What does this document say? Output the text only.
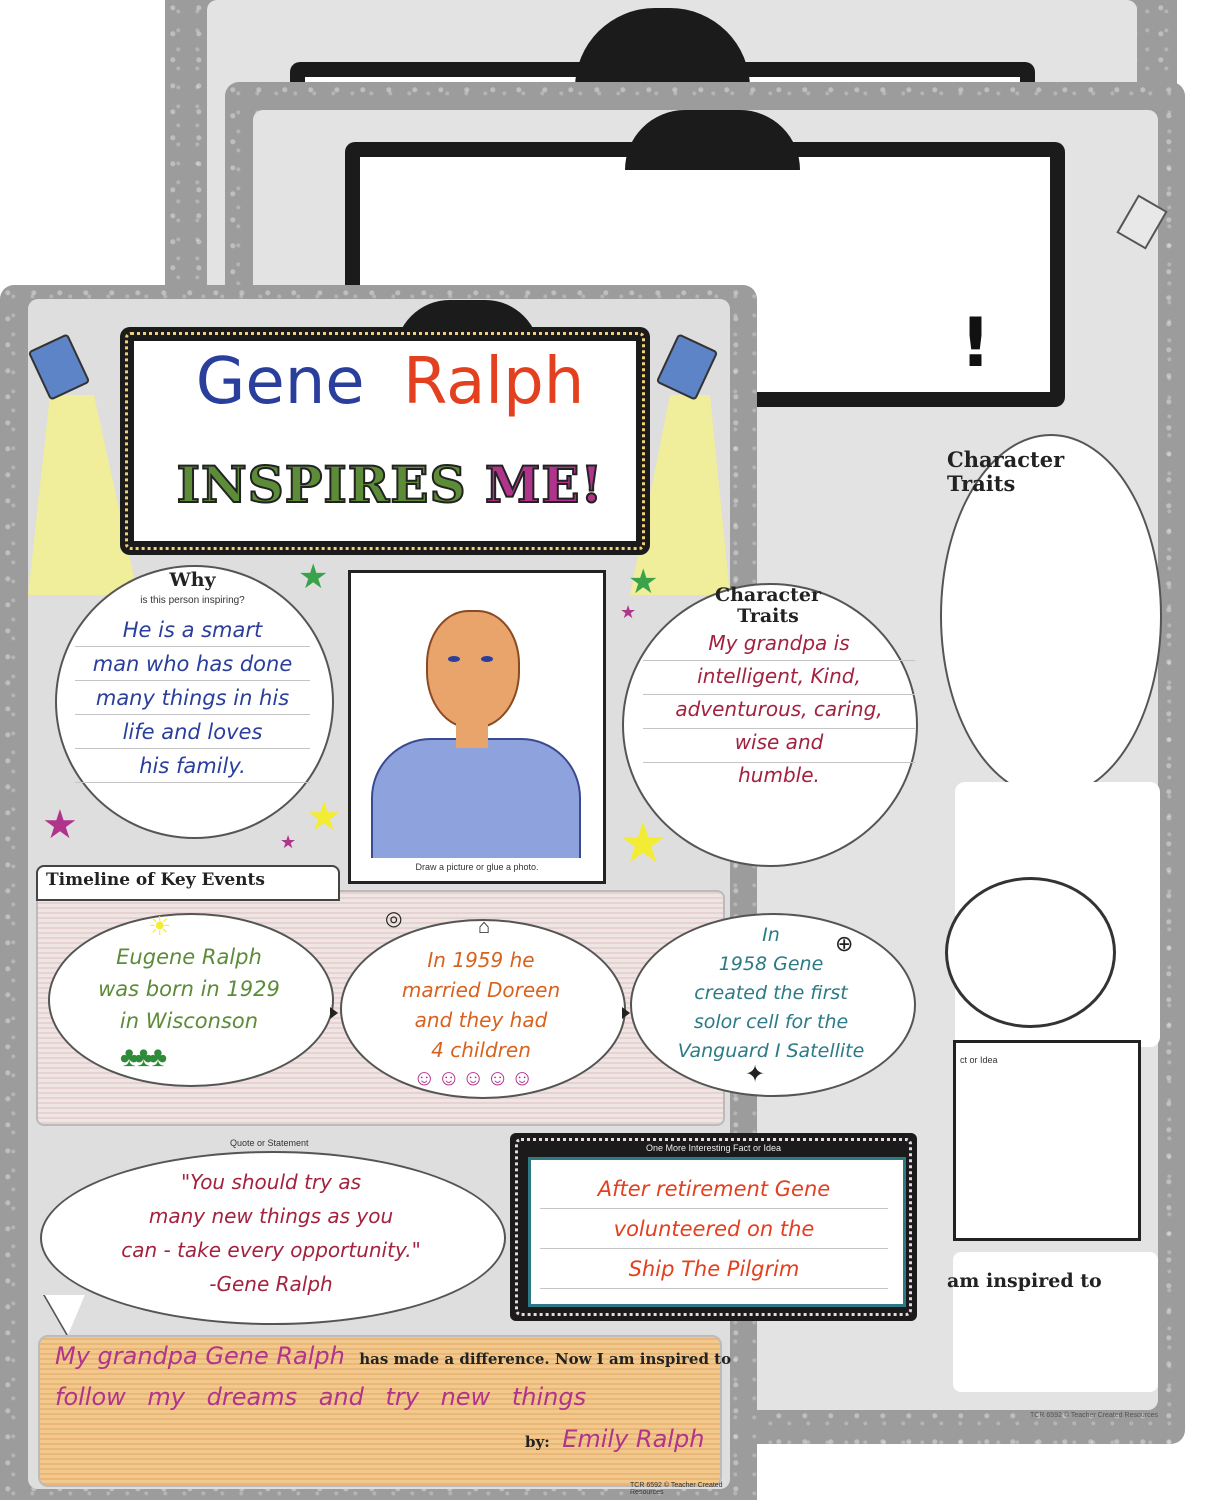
!
Character
Traits
ct or Idea
am inspired to
TCR 6592 © Teacher Created Resources
★
★
Gene Ralph
INSPIRES ME!
★	★
★
★	★
★	★
Why
is this person inspiring?
He is a smart
man who has done
many things in his
life and loves
his family.
Draw a picture or glue a photo.
Character
Traits
My grandpa is
intelligent, Kind,
adventurous, caring,
wise and
humble.
Timeline of Key Events
Eugene Ralph
was born in 1929
in Wisconson
☀
♣♣♣
In 1959 he
married Doreen
and they had
4 children
◎	⌂
☺☺☺☺☺
In
1958 Gene
created the first
solor cell for the
Vanguard I Satellite
⊕
✦
Quote or Statement
"You should try as
many new things as you
can - take every opportunity."
-Gene Ralph
One More Interesting Fact or Idea
After retirement Gene
volunteered on the
Ship The Pilgrim
My grandpa Gene Ralph has made a difference. Now I am inspired to
follow my dreams and try new things
by: Emily Ralph
TCR 6592 © Teacher Created Resources
